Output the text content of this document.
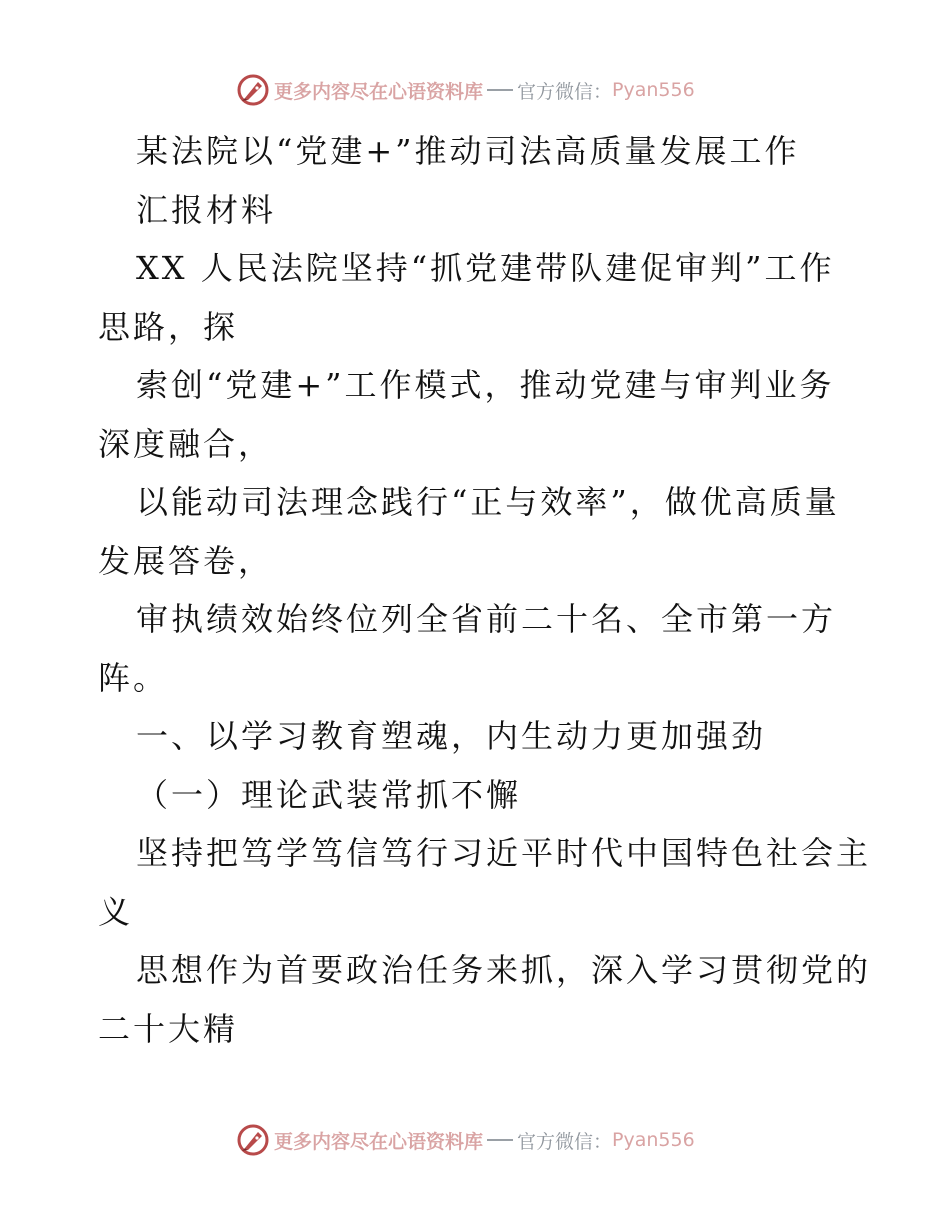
更多内容尽在心语资料库 官方微信： Pyan556
某法院以“党建+”推动司法高质量发展工作
汇报材料
XX 人民法院坚持“抓党建带队建促审判”工作
思路，探
索创“党建+”工作模式，推动党建与审判业务
深度融合，
以能动司法理念践行“正与效率”，做优高质量
发展答卷，
审执绩效始终位列全省前二十名、全市第一方
阵。
一、以学习教育塑魂，内生动力更加强劲
（一）理论武装常抓不懈
坚持把笃学笃信笃行习近平时代中国特色社会主
义
思想作为首要政治任务来抓，深入学习贯彻党的
二十大精
更多内容尽在心语资料库 官方微信： Pyan556
